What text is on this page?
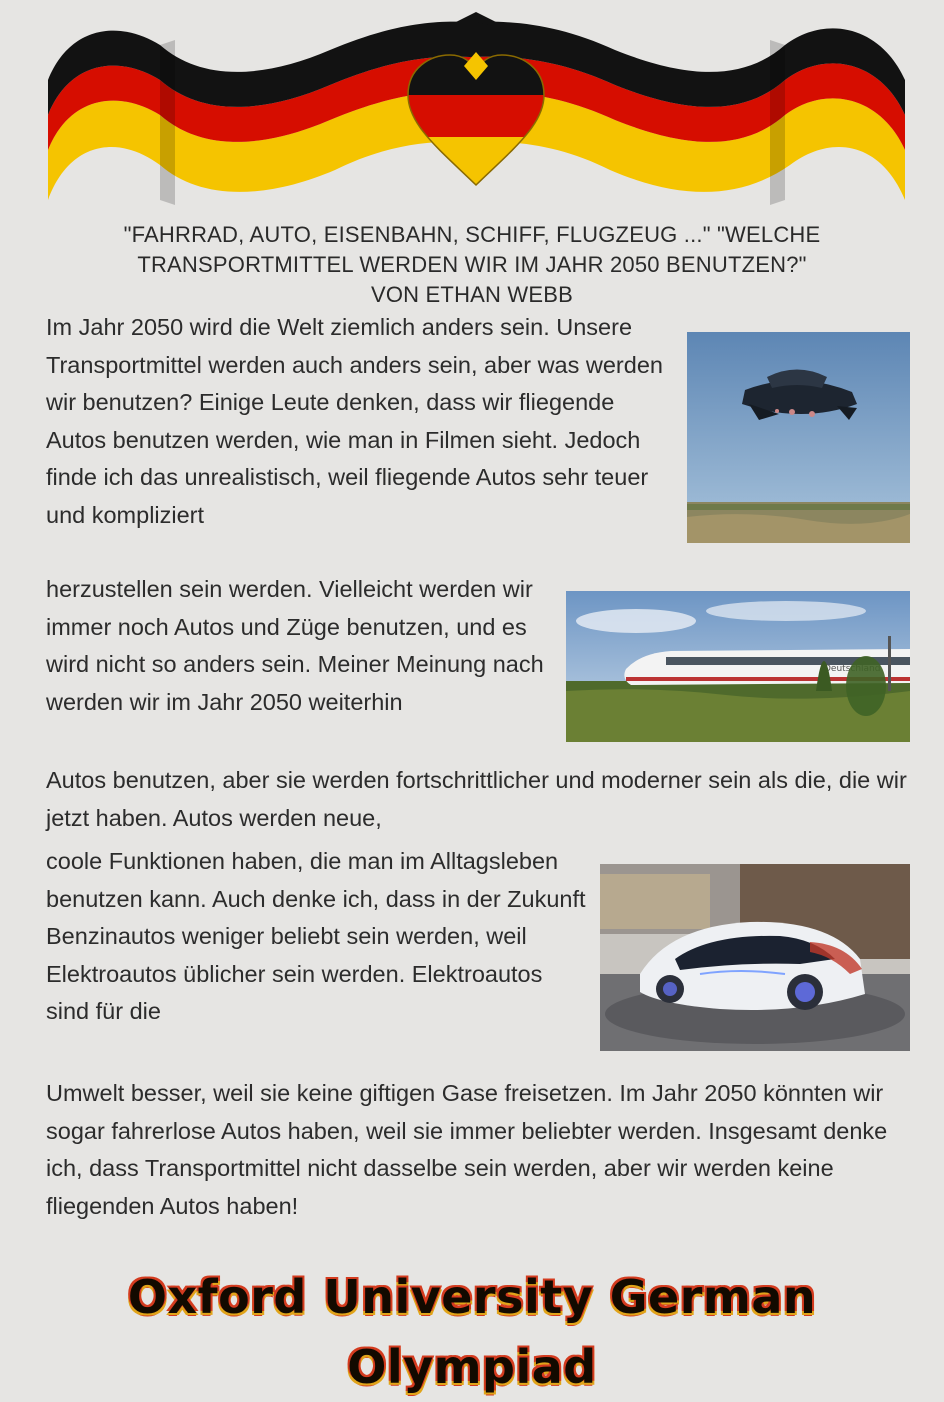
"FAHRRAD, AUTO, EISENBAHN, SCHIFF, FLUGZEUG ..." "WELCHE
TRANSPORTMITTEL WERDEN WIR IM JAHR 2050 BENUTZEN?"
VON ETHAN WEBB

Im Jahr 2050 wird die Welt ziemlich anders sein. Unsere Transportmittel werden auch anders sein, aber was werden wir benutzen? Einige Leute denken, dass wir fliegende Autos benutzen werden, wie man in Filmen sieht. Jedoch finde ich das unrealistisch, weil fliegende Autos sehr teuer und kompliziert

herzustellen sein werden. Vielleicht werden wir immer noch Autos und Züge benutzen, und es wird nicht so anders sein. Meiner Meinung nach werden wir im Jahr 2050 weiterhin

Autos benutzen, aber sie werden fortschrittlicher und moderner sein als die, die wir jetzt haben. Autos werden neue,

coole Funktionen haben, die man im Alltagsleben benutzen kann. Auch denke ich, dass in der Zukunft Benzinautos weniger beliebt sein werden, weil Elektroautos üblicher sein werden. Elektroautos sind für die

Umwelt besser, weil sie keine giftigen Gase freisetzen. Im Jahr 2050 könnten wir sogar fahrerlose Autos haben, weil sie immer beliebter werden. Insgesamt denke ich, dass Transportmittel nicht dasselbe sein werden, aber wir werden keine fliegenden Autos haben!

Oxford University German Olympiad
